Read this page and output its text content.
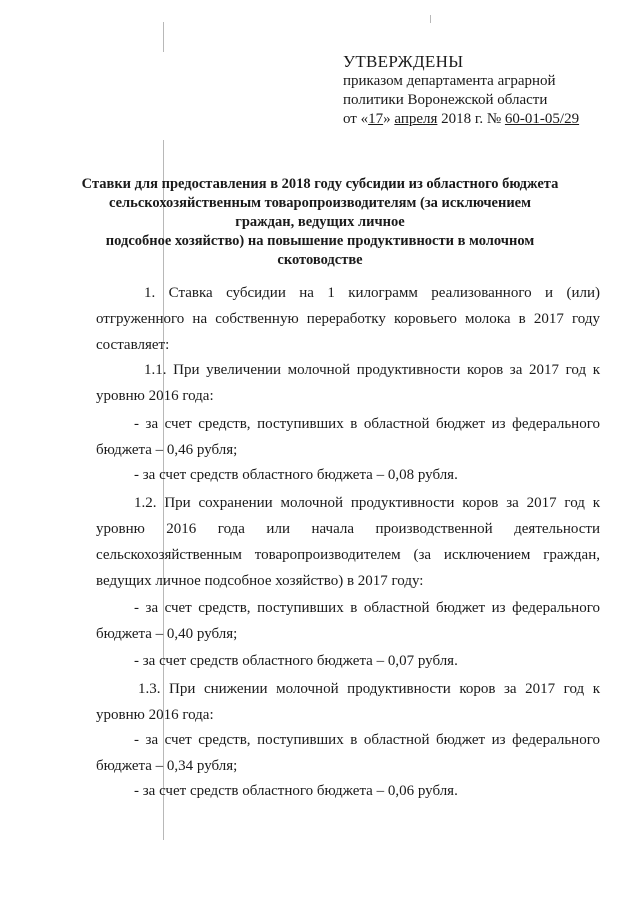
УТВЕРЖДЕНЫ
приказом департамента аграрной
политики Воронежской области
от «17» апреля 2018 г. № 60-01-05/29
Ставки для предоставления в 2018 году субсидии из областного бюджета
сельскохозяйственным товаропроизводителям (за исключением
граждан, ведущих личное
подсобное хозяйство) на повышение продуктивности в молочном
скотоводстве
1. Ставка субсидии на 1 килограмм реализованного и (или)
отгруженного на собственную переработку коровьего молока в 2017 году
составляет:
1.1. При увеличении молочной продуктивности коров за 2017 год к
уровню 2016 года:
- за счет средств, поступивших в областной бюджет из федерального
бюджета – 0,46 рубля;
- за счет средств областного бюджета – 0,08 рубля.
1.2. При сохранении молочной продуктивности коров за 2017 год к
уровню 2016 года или начала производственной деятельности
сельскохозяйственным товаропроизводителем (за исключением граждан,
ведущих личное подсобное хозяйство) в 2017 году:
- за счет средств, поступивших в областной бюджет из федерального
бюджета – 0,40 рубля;
- за счет средств областного бюджета – 0,07 рубля.
1.3. При снижении молочной продуктивности коров за 2017 год к
уровню 2016 года:
- за счет средств, поступивших в областной бюджет из федерального
бюджета – 0,34 рубля;
- за счет средств областного бюджета – 0,06 рубля.
